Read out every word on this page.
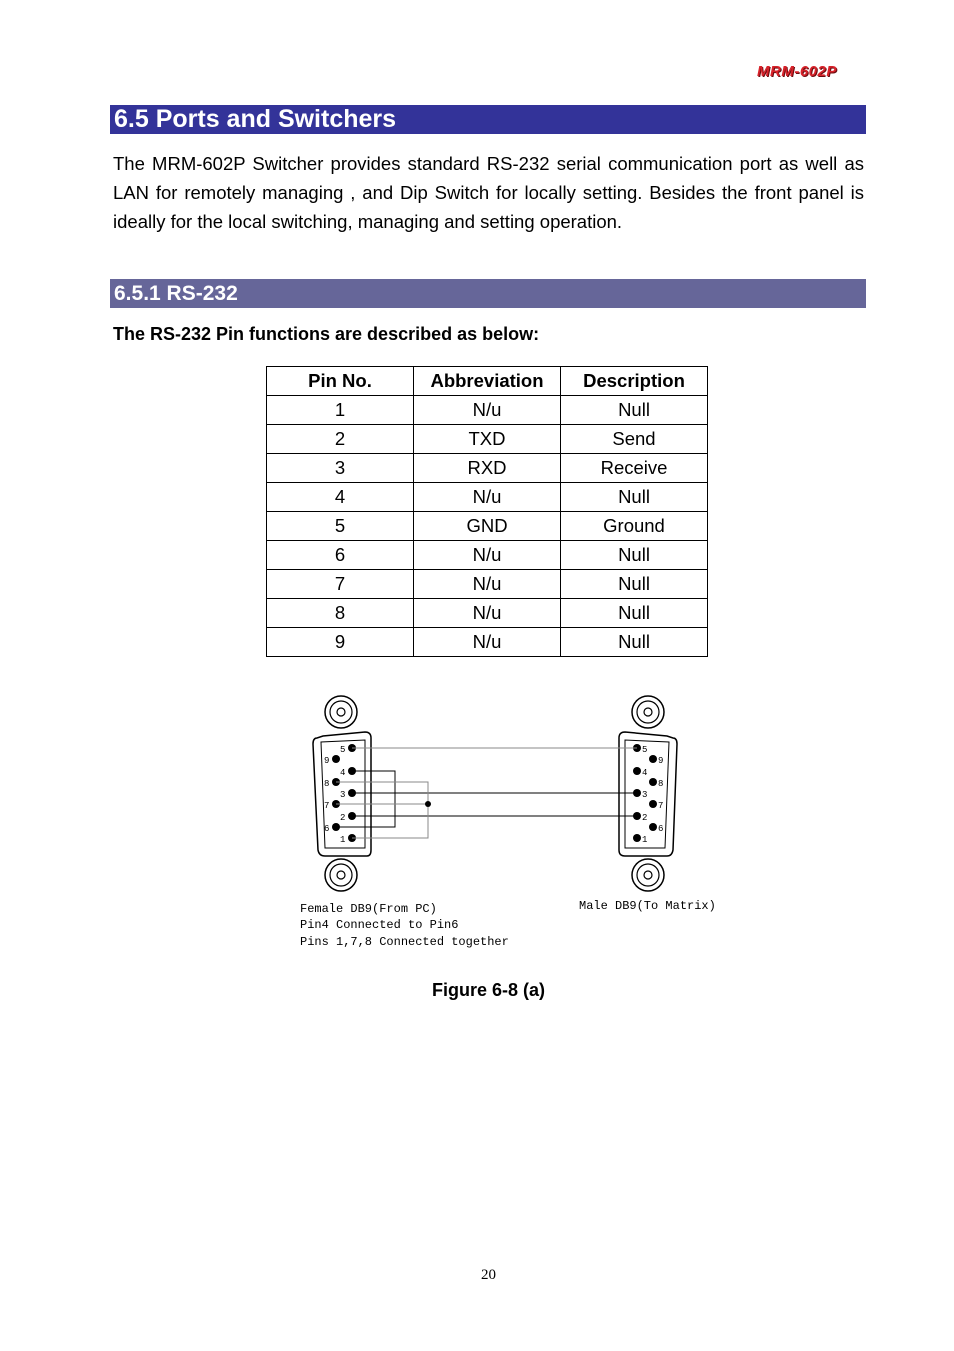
MRM-602P
6.5 Ports and Switchers

The MRM-602P Switcher provides standard RS-232 serial communication port as well as LAN for remotely managing , and Dip Switch for locally setting. Besides the front panel is ideally for the local switching, managing and setting operation.

6.5.1 RS-232
The RS-232 Pin functions are described as below:
Pin No.	Abbreviation	Description
1	N/u	Null
2	TXD	Send
3	RXD	Receive
4	N/u	Null
5	GND	Ground
6	N/u	Null
7	N/u	Null
8	N/u	Null
9	N/u	Null
5
4
3
2
1
9
8
7
6
5
4
3
2
1
9
8
7
6
Female DB9(From PC)
Pin4 Connected to Pin6
Pins 1,7,8 Connected together
Male DB9(To Matrix)
Figure 6-8 (a)
20
